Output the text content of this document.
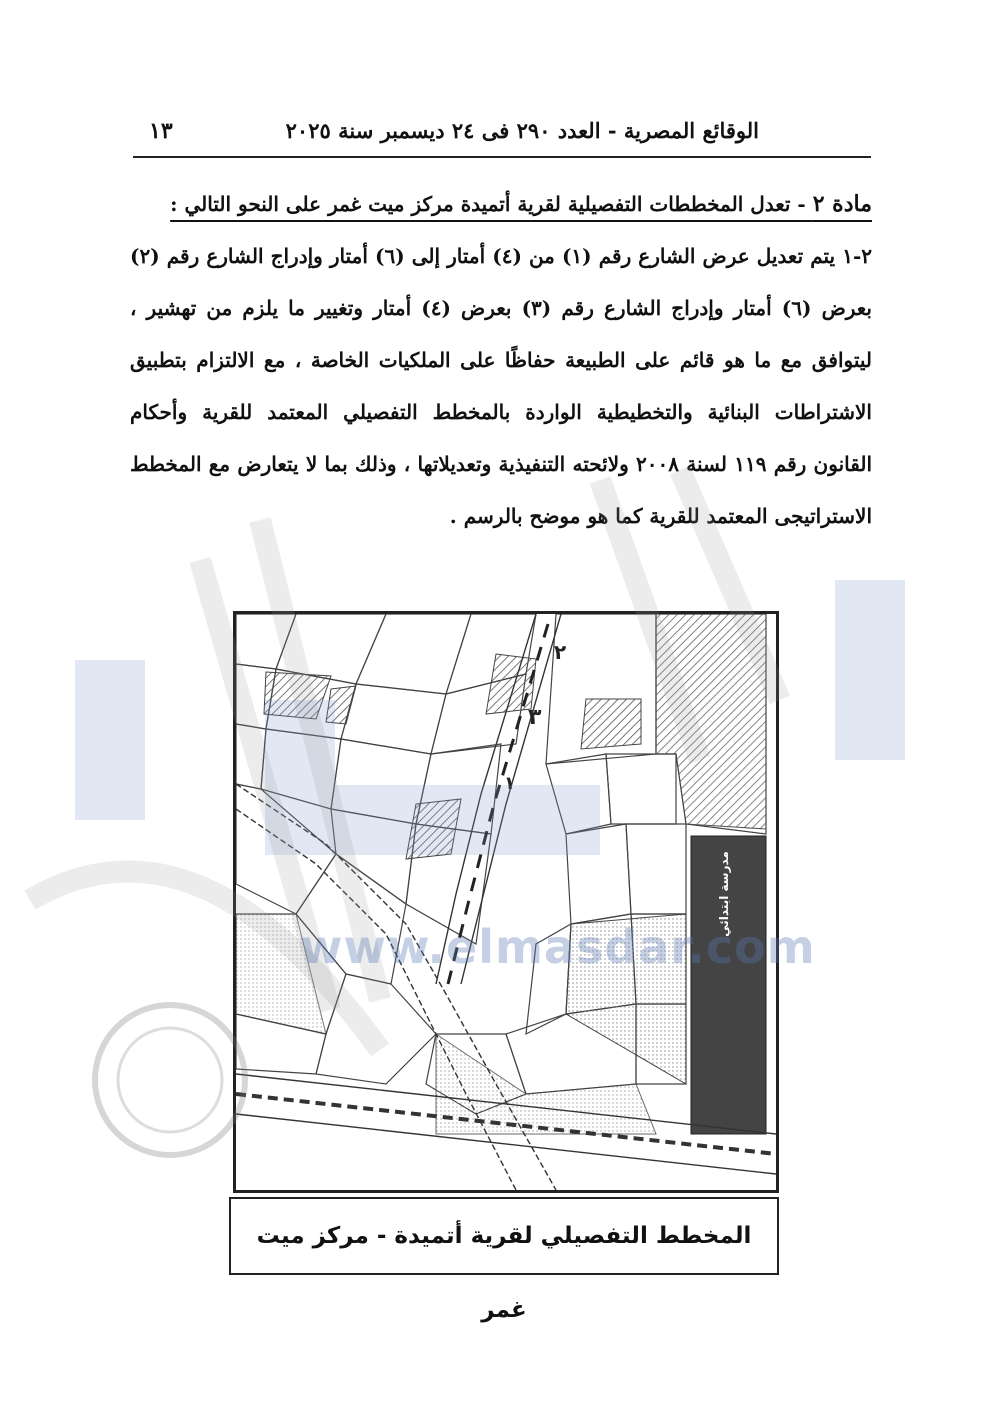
الوقائع المصرية - العدد ٢٩٠ فى ٢٤ ديسمبر سنة ٢٠٢٥
١٣

مادة ٢ - تعدل المخططات التفصيلية لقرية أتميدة مركز ميت غمر على النحو التالي :

٢-١ يتم تعديل عرض الشارع رقم (١) من (٤) أمتار إلى (٦) أمتار وإدراج الشارع رقم (٢) بعرض (٦) أمتار وإدراج الشارع رقم (٣) بعرض (٤) أمتار وتغيير ما يلزم من تهشير ، ليتوافق مع ما هو قائم على الطبيعة حفاظًا على الملكيات الخاصة ، مع الالتزام بتطبيق الاشتراطات البنائية والتخطيطية الواردة بالمخطط التفصيلي المعتمد للقرية وأحكام القانون رقم ١١٩ لسنة ٢٠٠٨ ولائحته التنفيذية وتعديلاتها ، وذلك بما لا يتعارض مع المخطط الاستراتيجى المعتمد للقرية كما هو موضح بالرسم .

٢
٣
١
مدرسة ابتدائي
المخطط التفصيلي لقرية أتميدة - مركز ميت غمر
www.elmasdar.com
